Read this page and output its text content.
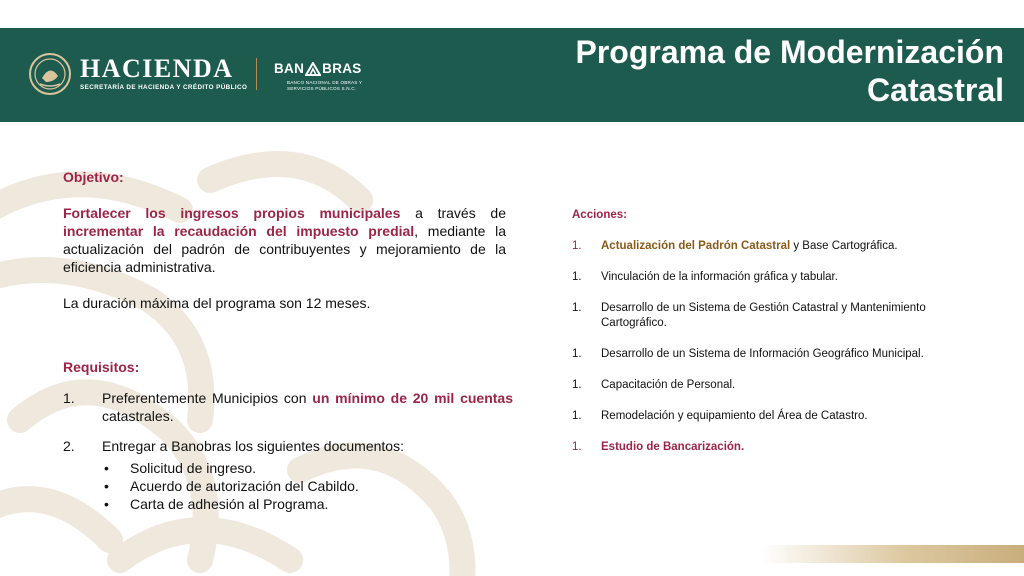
HACIENDA
SECRETARÍA DE HACIENDA Y CRÉDITO PÚBLICO
BAN BRAS
BANCO NACIONAL DE OBRAS Y SERVICIOS PÚBLICOS S.N.C.
Programa de Modernización
Catastral
Objetivo:

Fortalecer los ingresos propios municipales a través de incrementar la recaudación del impuesto predial, mediante la actualización del padrón de contribuyentes y mejoramiento de la eficiencia administrativa.

La duración máxima del programa son 12 meses.

Requisitos:
1. Preferentemente Municipios con un mínimo de 20 mil cuentas catastrales.
2. Entregar a Banobras los siguientes documentos:
• Solicitud de ingreso.
• Acuerdo de autorización del Cabildo.
• Carta de adhesión al Programa.
Acciones:
1. Actualización del Padrón Catastral y Base Cartográfica.
1. Vinculación de la información gráfica y tabular.
1. Desarrollo de un Sistema de Gestión Catastral y Mantenimiento Cartográfico.
1. Desarrollo de un Sistema de Información Geográfico Municipal.
1. Capacitación de Personal.
1. Remodelación y equipamiento del Área de Catastro.
1. Estudio de Bancarización.
